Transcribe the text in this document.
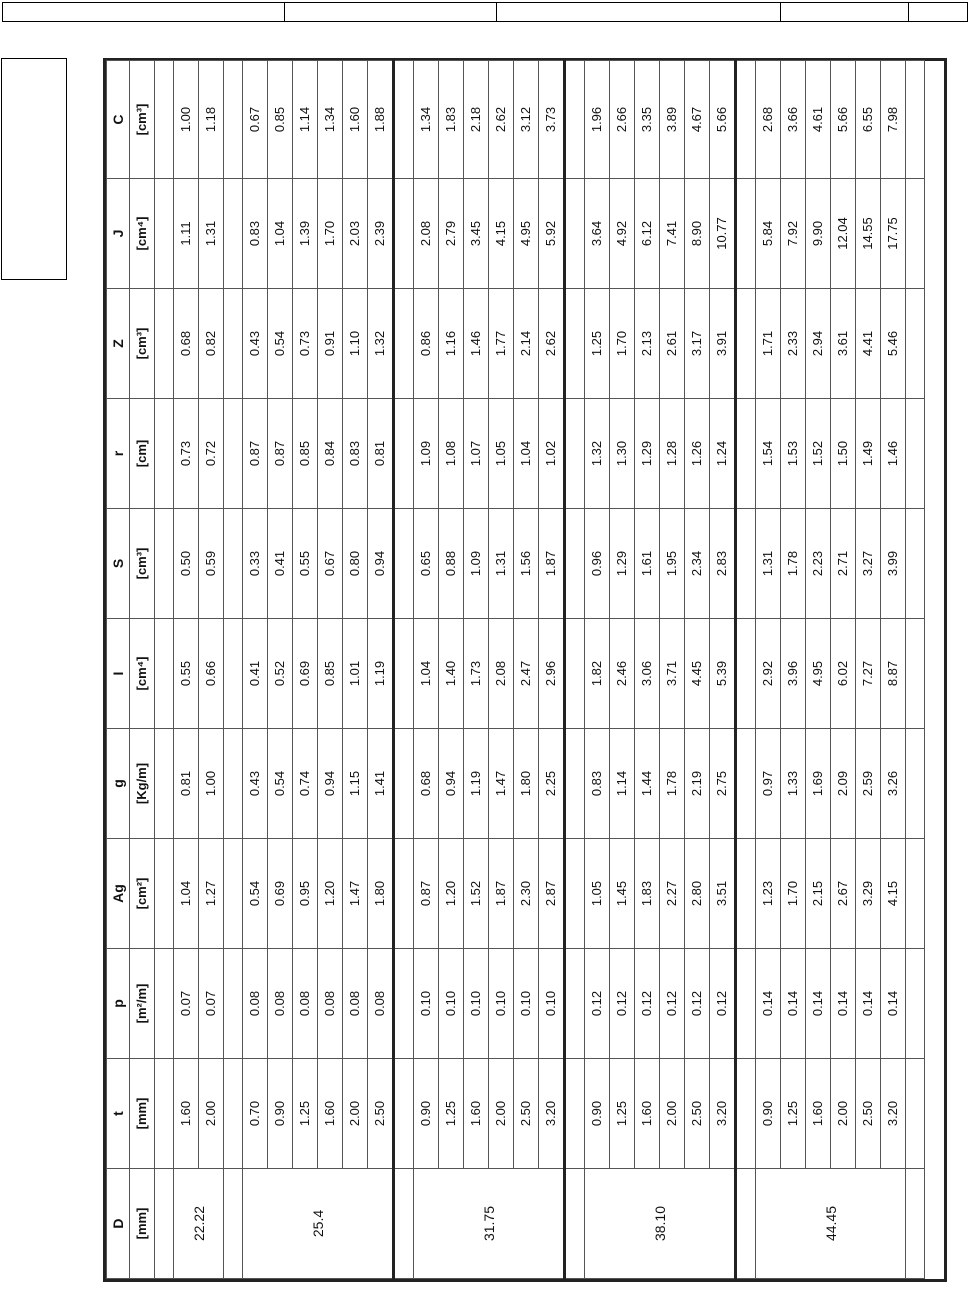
D	t	p	Ag	g	I	S	r	Z	J	C
[mm]	[mm]	[m²/m]	[cm²]	[Kg/m]	[cm⁴]	[cm³]	[cm]	[cm³]	[cm⁴]	[cm³]

22.22	1.60	0.07	1.04	0.81	0.55	0.50	0.73	0.68	1.11	1.00
	2.00	0.07	1.27	1.00	0.66	0.59	0.72	0.82	1.31	1.18

25.4	0.70	0.08	0.54	0.43	0.41	0.33	0.87	0.43	0.83	0.67
	0.90	0.08	0.69	0.54	0.52	0.41	0.87	0.54	1.04	0.85
	1.25	0.08	0.95	0.74	0.69	0.55	0.85	0.73	1.39	1.14
	1.60	0.08	1.20	0.94	0.85	0.67	0.84	0.91	1.70	1.34
	2.00	0.08	1.47	1.15	1.01	0.80	0.83	1.10	2.03	1.60
	2.50	0.08	1.80	1.41	1.19	0.94	0.81	1.32	2.39	1.88

31.75	0.90	0.10	0.87	0.68	1.04	0.65	1.09	0.86	2.08	1.34
	1.25	0.10	1.20	0.94	1.40	0.88	1.08	1.16	2.79	1.83
	1.60	0.10	1.52	1.19	1.73	1.09	1.07	1.46	3.45	2.18
	2.00	0.10	1.87	1.47	2.08	1.31	1.05	1.77	4.15	2.62
	2.50	0.10	2.30	1.80	2.47	1.56	1.04	2.14	4.95	3.12
	3.20	0.10	2.87	2.25	2.96	1.87	1.02	2.62	5.92	3.73

38.10	0.90	0.12	1.05	0.83	1.82	0.96	1.32	1.25	3.64	1.96
	1.25	0.12	1.45	1.14	2.46	1.29	1.30	1.70	4.92	2.66
	1.60	0.12	1.83	1.44	3.06	1.61	1.29	2.13	6.12	3.35
	2.00	0.12	2.27	1.78	3.71	1.95	1.28	2.61	7.41	3.89
	2.50	0.12	2.80	2.19	4.45	2.34	1.26	3.17	8.90	4.67
	3.20	0.12	3.51	2.75	5.39	2.83	1.24	3.91	10.77	5.66

44.45	0.90	0.14	1.23	0.97	2.92	1.31	1.54	1.71	5.84	2.68
	1.25	0.14	1.70	1.33	3.96	1.78	1.53	2.33	7.92	3.66
	1.60	0.14	2.15	1.69	4.95	2.23	1.52	2.94	9.90	4.61
	2.00	0.14	2.67	2.09	6.02	2.71	1.50	3.61	12.04	5.66
	2.50	0.14	3.29	2.59	7.27	3.27	1.49	4.41	14.55	6.55
	3.20	0.14	4.15	3.26	8.87	3.99	1.46	5.46	17.75	7.98
